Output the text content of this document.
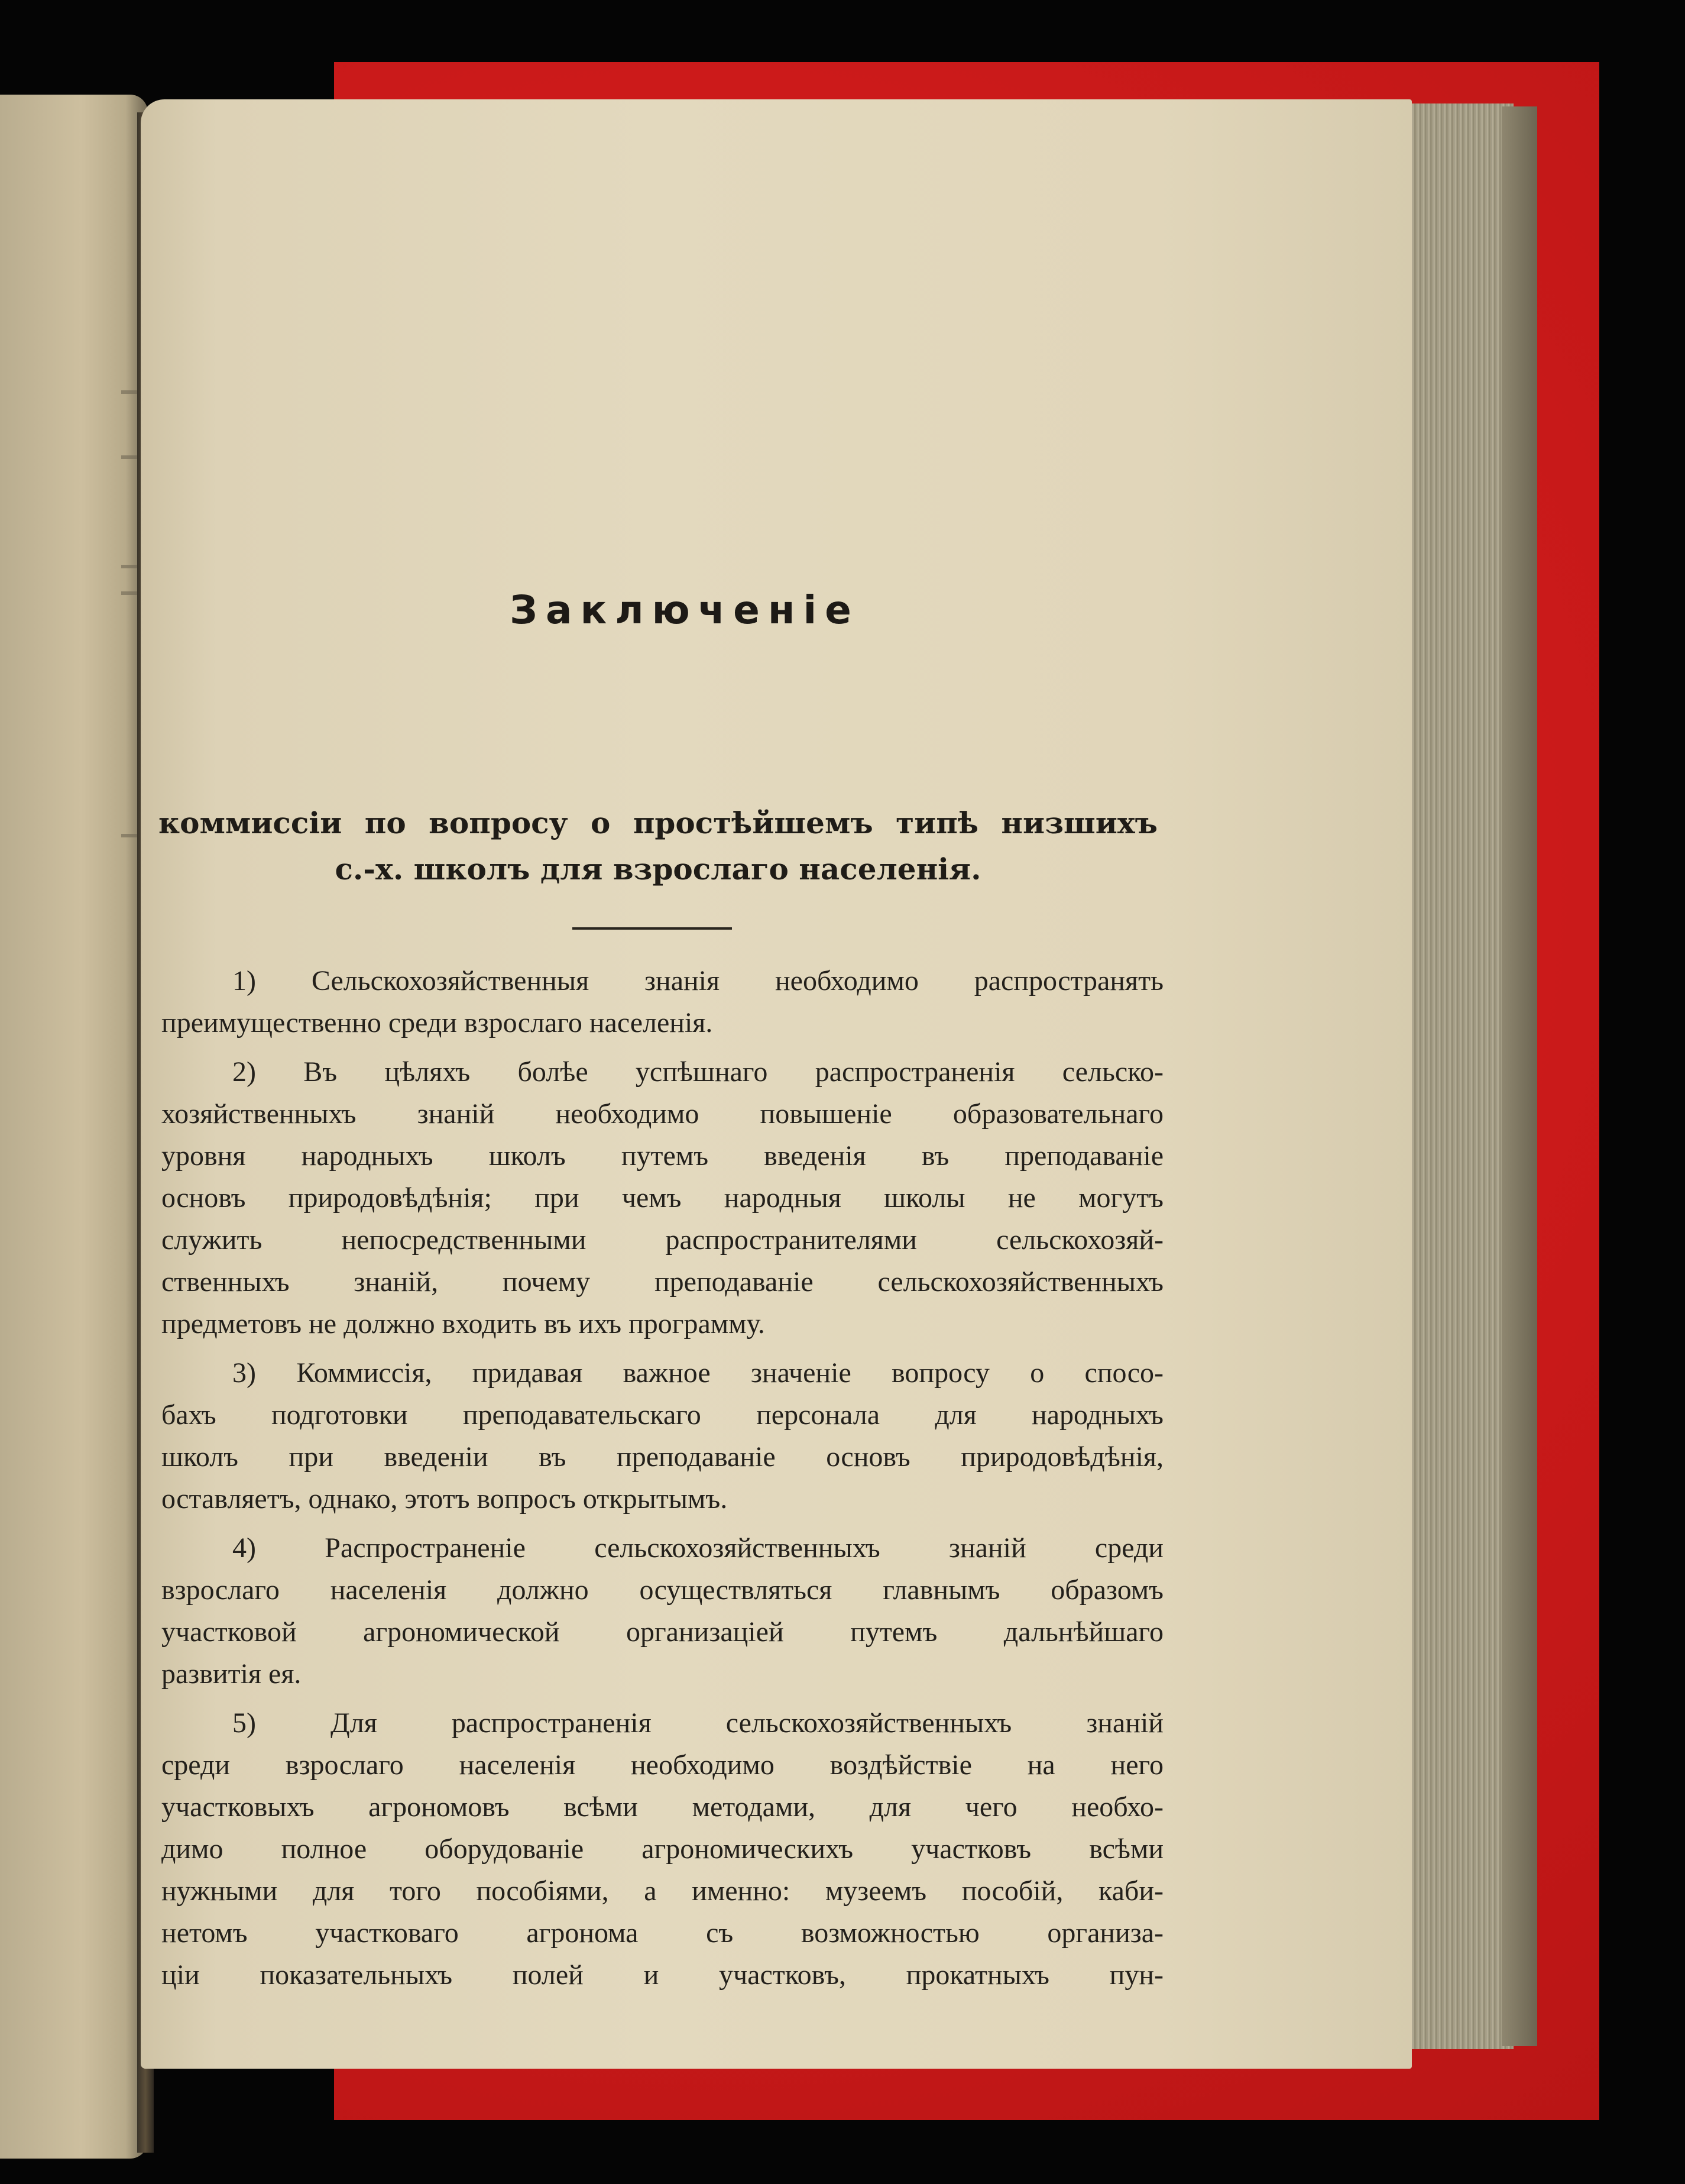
Заключеніе
коммиссіи по вопросу о простѣйшемъ типѣ низшихъ
с.-х. школъ для взрослаго населенія.
1) Сельскохозяйственныя знанія необходимо распространять
преимущественно среди взрослаго населенія.
2) Въ цѣляхъ болѣе успѣшнаго распространенія сельско-
хозяйственныхъ знаній необходимо повышеніе образовательнаго
уровня народныхъ школъ путемъ введенія въ преподаваніе
основъ природовѣдѣнія; при чемъ народныя школы не могутъ
служить непосредственными распространителями сельскохозяй-
ственныхъ знаній, почему преподаваніе сельскохозяйственныхъ
предметовъ не должно входить въ ихъ программу.
3) Коммиссія, придавая важное значеніе вопросу о спосо-
бахъ подготовки преподавательскаго персонала для народныхъ
школъ при введеніи въ преподаваніе основъ природовѣдѣнія,
оставляетъ, однако, этотъ вопросъ открытымъ.
4) Распространеніе сельскохозяйственныхъ знаній среди
взрослаго населенія должно осуществляться главнымъ образомъ
участковой агрономической организаціей путемъ дальнѣйшаго
развитія ея.
5) Для распространенія сельскохозяйственныхъ знаній
среди взрослаго населенія необходимо воздѣйствіе на него
участковыхъ агрономовъ всѣми методами, для чего необхо-
димо полное оборудованіе агрономическихъ участковъ всѣми
нужными для того пособіями, а именно: музеемъ пособій, каби-
нетомъ участковаго агронома съ возможностью организа-
ціи показательныхъ полей и участковъ, прокатныхъ пун-
